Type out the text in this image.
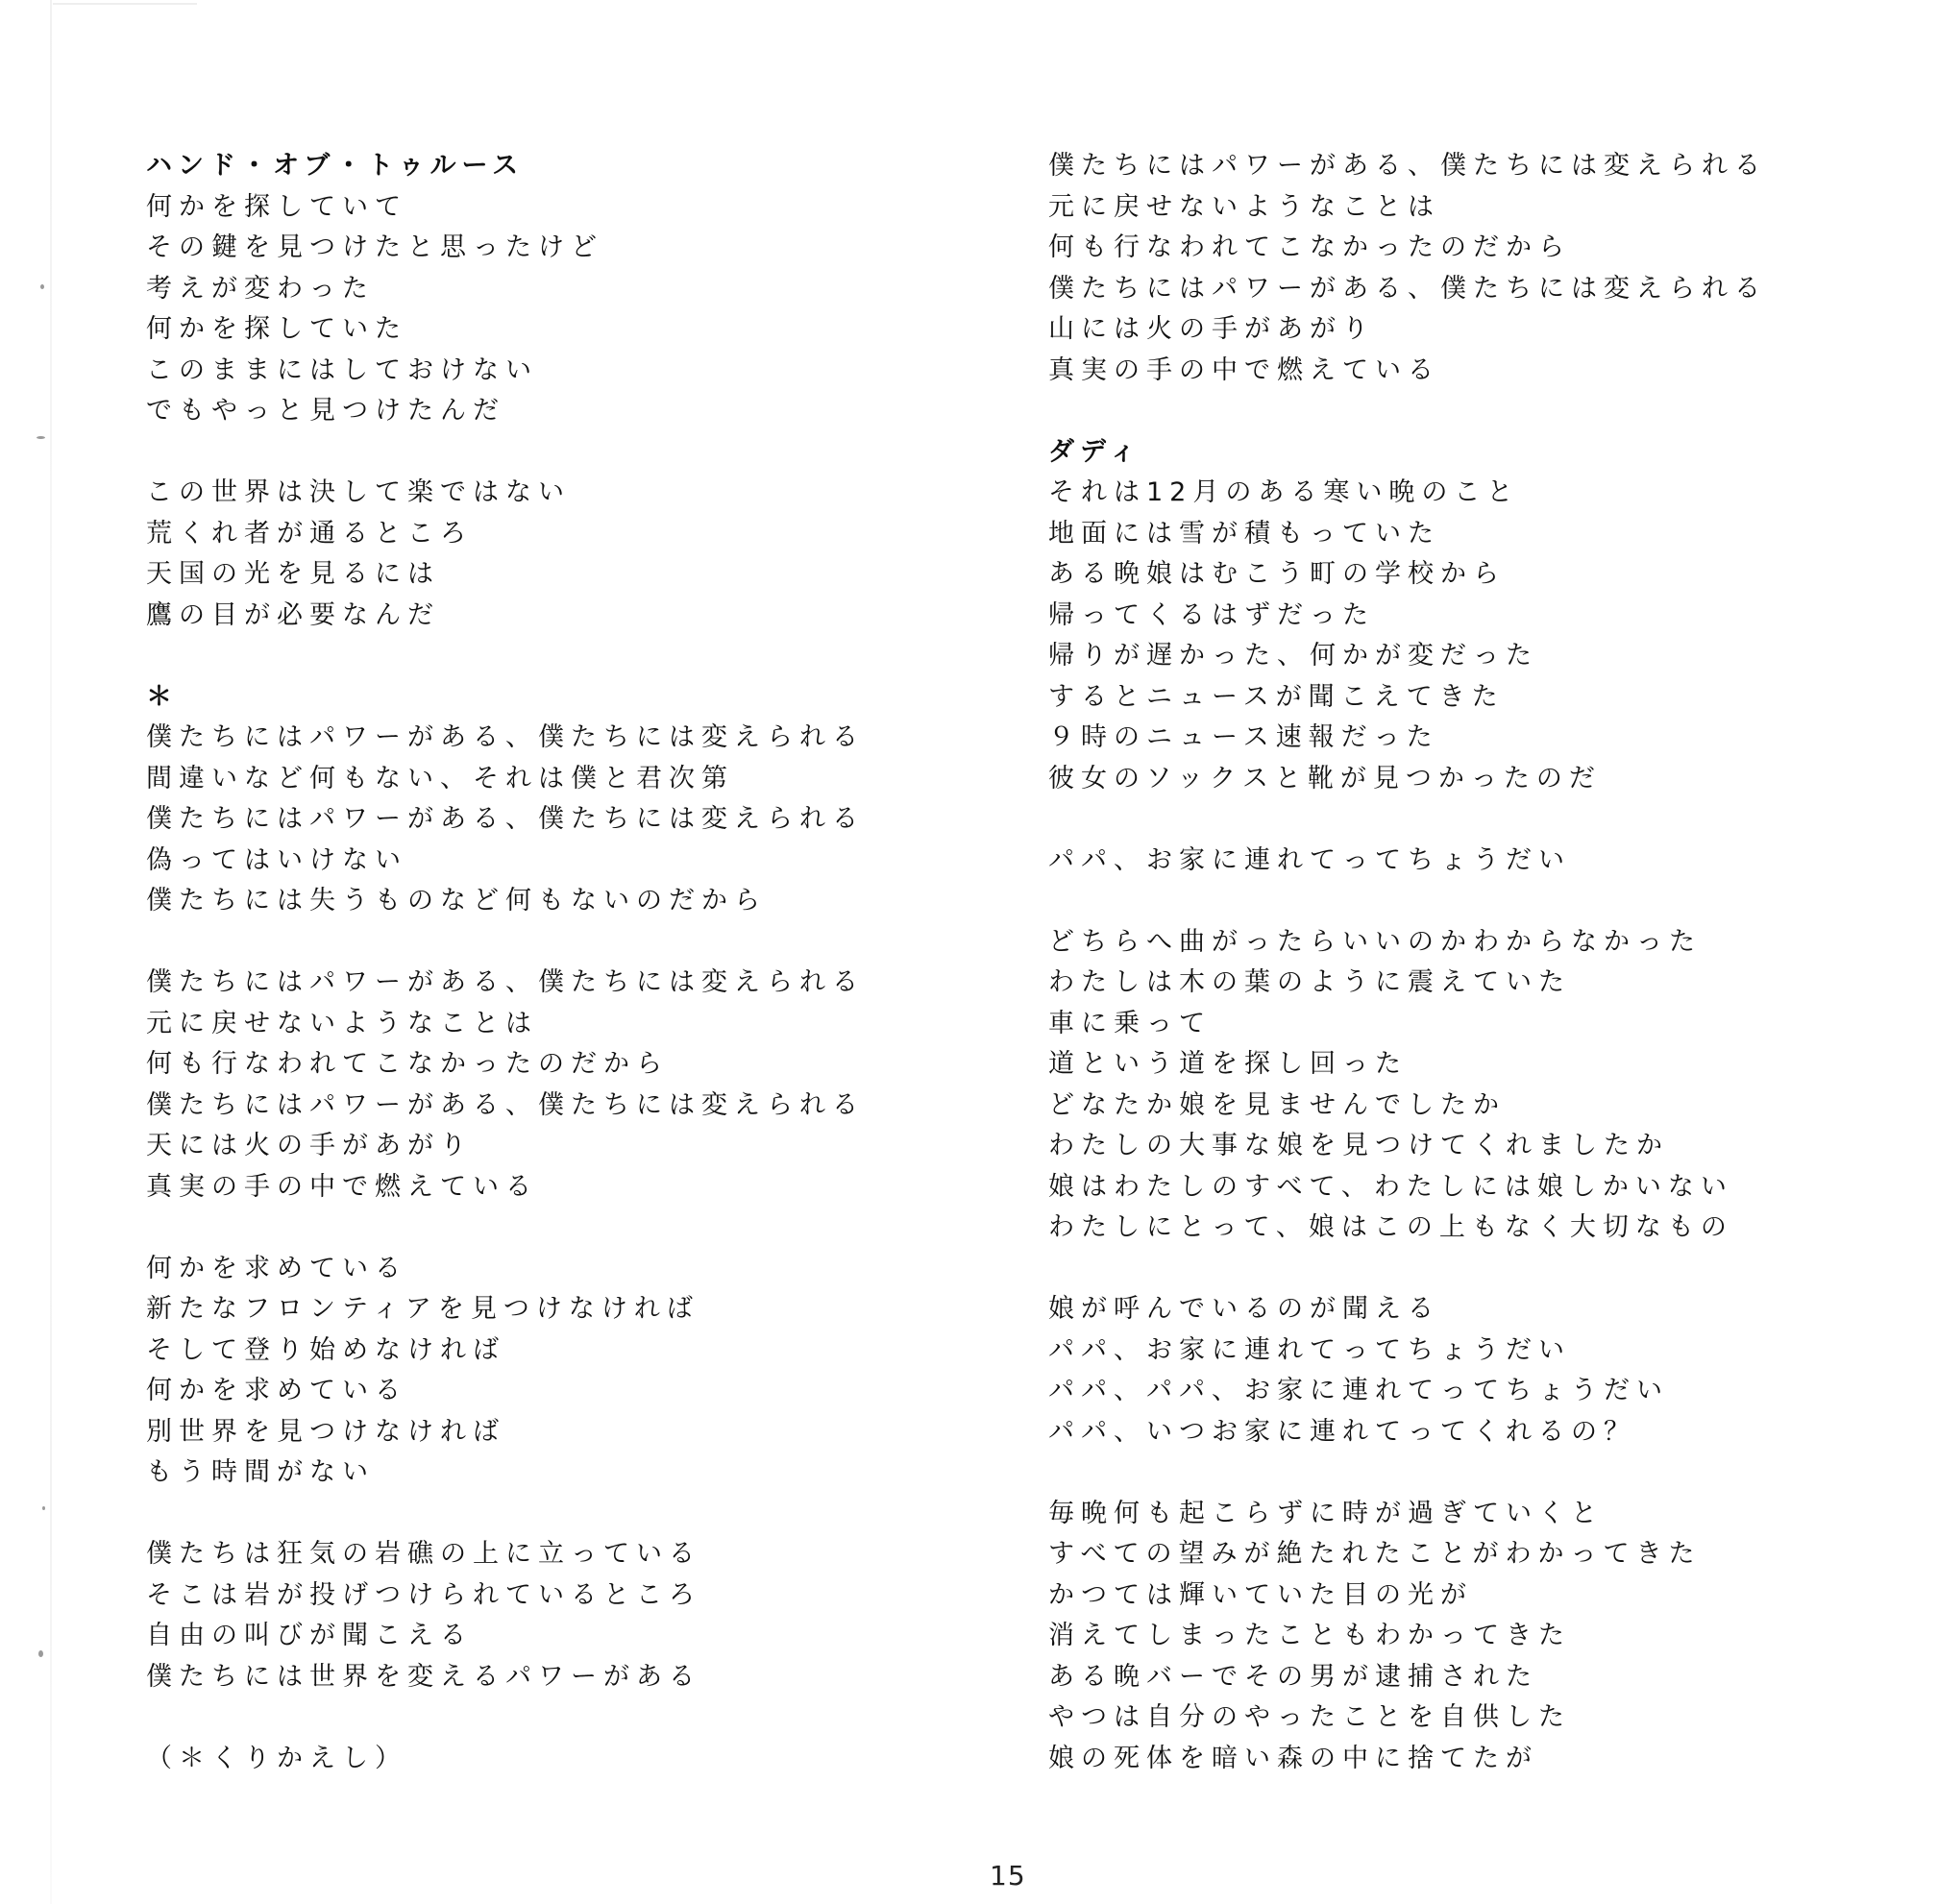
ハンド・オブ・トゥルース
何かを探していて
その鍵を見つけたと思ったけど
考えが変わった
何かを探していた
このままにはしておけない
でもやっと見つけたんだ
この世界は決して楽ではない
荒くれ者が通るところ
天国の光を見るには
鷹の目が必要なんだ
＊
僕たちにはパワーがある、僕たちには変えられる
間違いなど何もない、それは僕と君次第
僕たちにはパワーがある、僕たちには変えられる
偽ってはいけない
僕たちには失うものなど何もないのだから
僕たちにはパワーがある、僕たちには変えられる
元に戻せないようなことは
何も行なわれてこなかったのだから
僕たちにはパワーがある、僕たちには変えられる
天には火の手があがり
真実の手の中で燃えている
何かを求めている
新たなフロンティアを見つけなければ
そして登り始めなければ
何かを求めている
別世界を見つけなければ
もう時間がない
僕たちは狂気の岩礁の上に立っている
そこは岩が投げつけられているところ
自由の叫びが聞こえる
僕たちには世界を変えるパワーがある
（＊くりかえし）
僕たちにはパワーがある、僕たちには変えられる
元に戻せないようなことは
何も行なわれてこなかったのだから
僕たちにはパワーがある、僕たちには変えられる
山には火の手があがり
真実の手の中で燃えている
ダディ
それは12月のある寒い晩のこと
地面には雪が積もっていた
ある晩娘はむこう町の学校から
帰ってくるはずだった
帰りが遅かった、何かが変だった
するとニュースが聞こえてきた
９時のニュース速報だった
彼女のソックスと靴が見つかったのだ
パパ、お家に連れてってちょうだい
どちらへ曲がったらいいのかわからなかった
わたしは木の葉のように震えていた
車に乗って
道という道を探し回った
どなたか娘を見ませんでしたか
わたしの大事な娘を見つけてくれましたか
娘はわたしのすべて、わたしには娘しかいない
わたしにとって、娘はこの上もなく大切なもの
娘が呼んでいるのが聞える
パパ、お家に連れてってちょうだい
パパ、パパ、お家に連れてってちょうだい
パパ、いつお家に連れてってくれるの？
毎晩何も起こらずに時が過ぎていくと
すべての望みが絶たれたことがわかってきた
かつては輝いていた目の光が
消えてしまったこともわかってきた
ある晩バーでその男が逮捕された
やつは自分のやったことを自供した
娘の死体を暗い森の中に捨てたが
15
